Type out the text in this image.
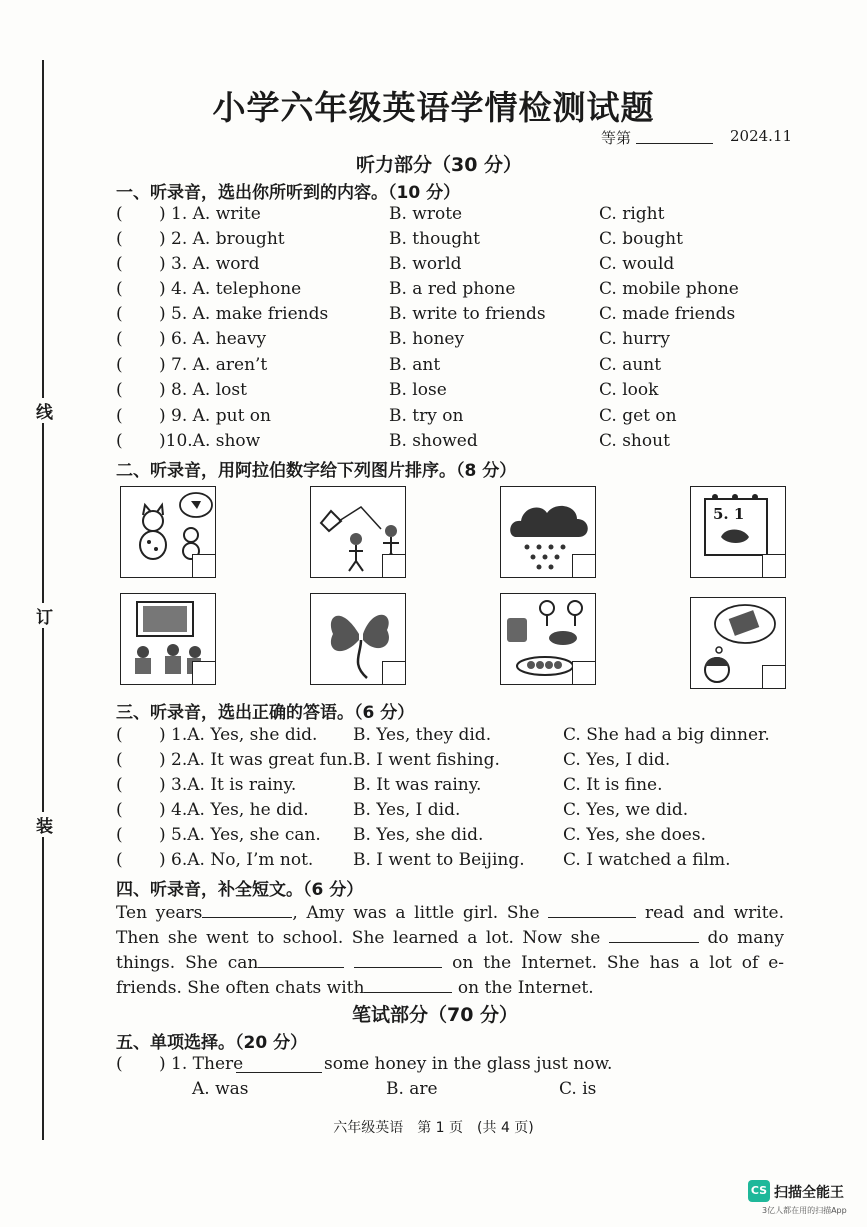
线
订
装
小学六年级英语学情检测试题
等第	2024.11
听力部分（30 分）
一、听录音，选出你所听到的内容。（10 分）
( ) 1. A. write	B. wrote	C. right
( ) 2. A. brought	B. thought	C. bought
( ) 3. A. word	B. world	C. would
( ) 4. A. telephone	B. a red phone	C. mobile phone
( ) 5. A. make friends	B. write to friends	C. made friends
( ) 6. A. heavy	B. honey	C. hurry
( ) 7. A. aren’t	B. ant	C. aunt
( ) 8. A. lost	B. lose	C. look
( ) 9. A. put on	B. try on	C. get on
( )10.A. show	B. showed	C. shout
二、听录音，用阿拉伯数字给下列图片排序。（8 分）
5. 1
三、听录音，选出正确的答语。（6 分）
( ) 1.A. Yes, she did. B. Yes, they did.	C. She had a big dinner.
( ) 2.A. It was great fun. B. I went fishing.	C. Yes, I did.
( ) 3.A. It is rainy.	B. It was rainy.	C. It is fine.
( ) 4.A. Yes, he did.	B. Yes, I did.	C. Yes, we did.
( ) 5.A. Yes, she can. B. Yes, she did.	C. Yes, she does.
( ) 6.A. No, I’m not. B. I went to Beijing. C. I watched a film.
四、听录音，补全短文。（6 分）
Ten years	, Amy was a little girl. She	read and write. Then she went to school. She learned a lot. Now she	do many things. She can	on the Internet. She has a lot of e-friends. She often chats with	on the Internet.
笔试部分（70 分）
五、单项选择。（20 分）
( ) 1. There	some honey in the glass just now.
A. was	B. are	C. is
六年级英语　第 1 页　(共 4 页)
CS 扫描全能王
3亿人都在用的扫描App
